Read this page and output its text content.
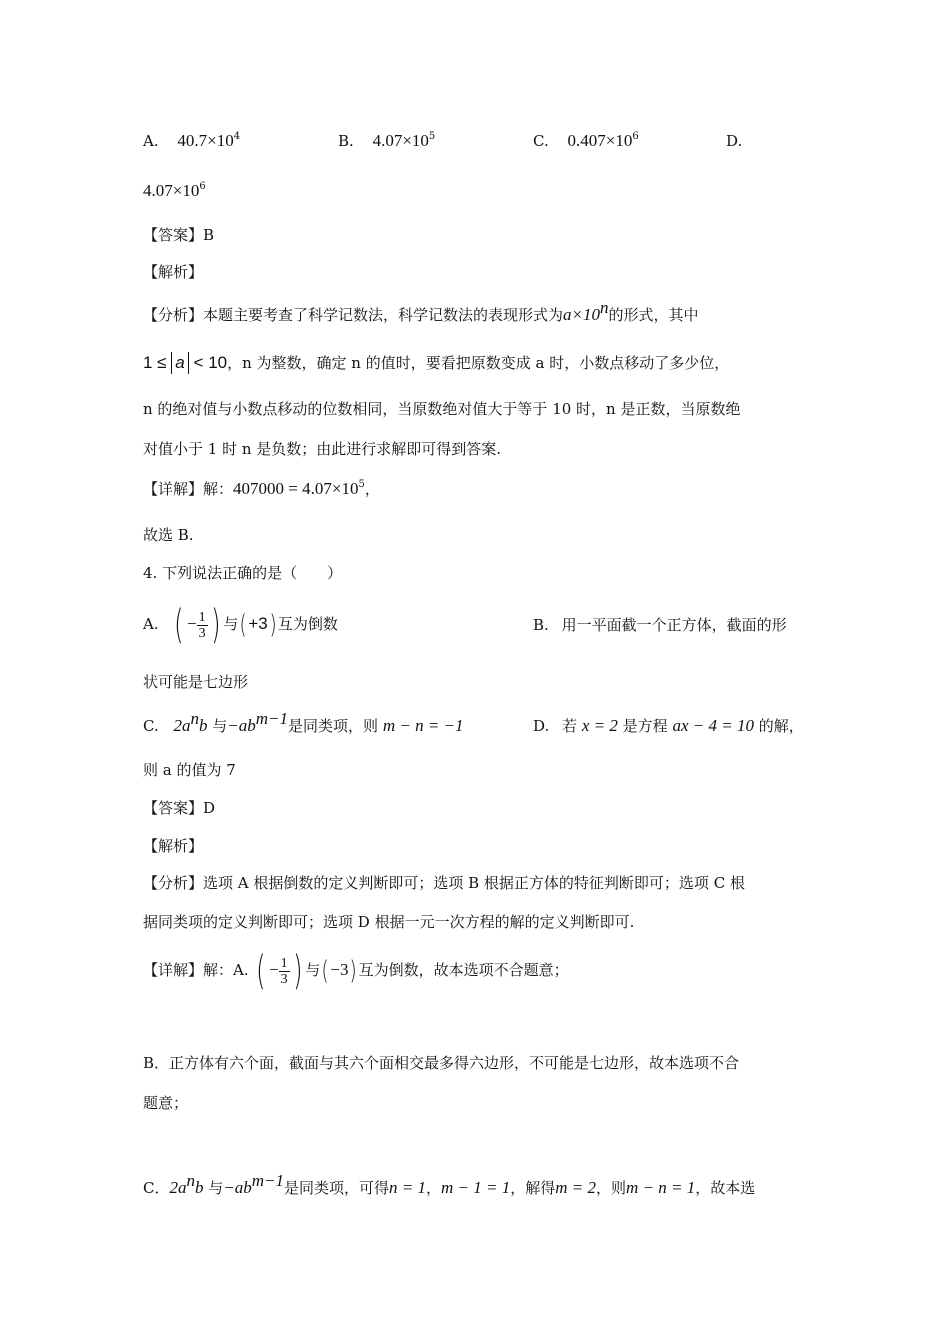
A. $40.7\times 10^4$	B. $4.07\times 10^5$	C. $0.407\times 10^6$	D.
$4.07\times 10^6$
【答案】B
【解析】
【分析】本题主要考查了科学记数法，科学记数法的表现形式为$a\times 10^n$的形式，其中
1 ≤ a < 10，n 为整数，确定 n 的值时，要看把原数变成 a 时，小数点移动了多少位，
n 的绝对值与小数点移动的位数相同，当原数绝对值大于等于 10 时，n 是正数，当原数绝
对值小于 1 时 n 是负数；由此进行求解即可得到答案.
【详解】解：$407000 = 4.07\times 10^5$，
故选 B.
4. 下列说法正确的是（　　）
A. ( − $\frac{1}{3}$ ) 与(+3) 互为倒数	B. 用一平面截一个正方体，截面的形
状可能是七边形
C. $2a^nb$ 与$-ab^{m-1}$是同类项，则 m − n = −1	D. 若 x = 2 是方程 ax − 4 = 10 的解，
则 a 的值为 7
【答案】D
【解析】
【分析】选项 A 根据倒数的定义判断即可；选项 B 根据正方体的特征判断即可；选项 C 根
据同类项的定义判断即可；选项 D 根据一元一次方程的解的定义判断即可.
【详解】解：A. ( − $\frac{1}{3}$ ) 与(−3) 互为倒数，故本选项不合题意；
B．正方体有六个面，截面与其六个面相交最多得六边形，不可能是七边形，故本选项不合
题意；
C．$2a^nb$ 与$-ab^{m-1}$是同类项，可得n = 1，m − 1 = 1，解得m = 2，则m − n = 1，故本选
